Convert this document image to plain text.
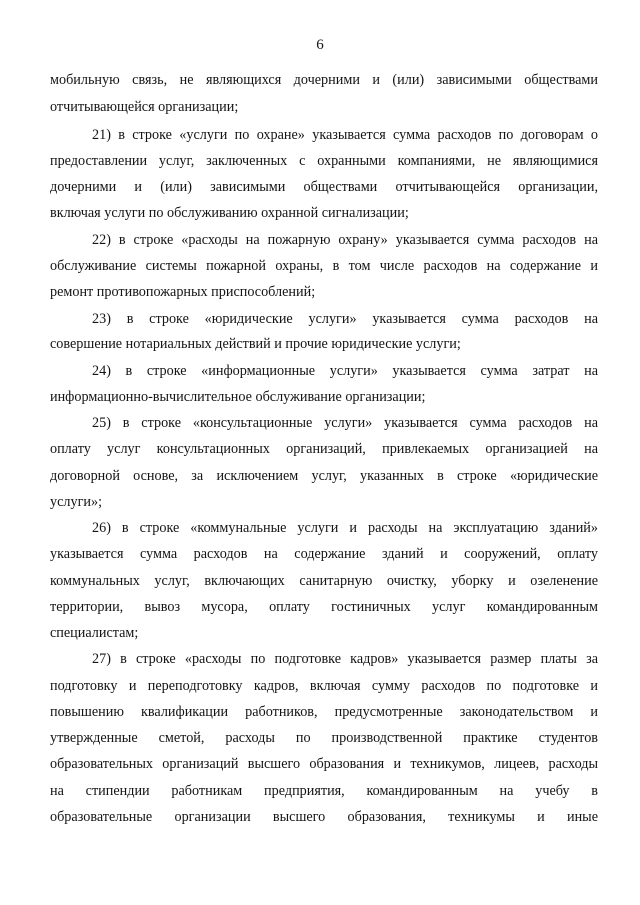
6
мобильную связь, не являющихся дочерними и (или) зависимыми обществами
отчитывающейся организации;
21) в строке «услуги по охране» указывается сумма расходов по договорам о
предоставлении услуг, заключенных с охранными компаниями, не являющимися
дочерними и (или) зависимыми обществами отчитывающейся организации,
включая услуги по обслуживанию охранной сигнализации;
22) в строке «расходы на пожарную охрану» указывается сумма расходов на
обслуживание системы пожарной охраны, в том числе расходов на содержание и
ремонт противопожарных приспособлений;
23) в строке «юридические услуги» указывается сумма расходов на
совершение нотариальных действий и прочие юридические услуги;
24) в строке «информационные услуги» указывается сумма затрат на
информационно-вычислительное обслуживание организации;
25) в строке «консультационные услуги» указывается сумма расходов на
оплату услуг консультационных организаций, привлекаемых организацией на
договорной основе, за исключением услуг, указанных в строке «юридические
услуги»;
26) в строке «коммунальные услуги и расходы на эксплуатацию зданий»
указывается сумма расходов на содержание зданий и сооружений, оплату
коммунальных услуг, включающих санитарную очистку, уборку и озеленение
территории, вывоз мусора, оплату гостиничных услуг командированным
специалистам;
27) в строке «расходы по подготовке кадров» указывается размер платы за
подготовку и переподготовку кадров, включая сумму расходов по подготовке и
повышению квалификации работников, предусмотренные законодательством и
утвержденные сметой, расходы по производственной практике студентов
образовательных организаций высшего образования и техникумов, лицеев, расходы
на стипендии работникам предприятия, командированным на учебу в
образовательные организации высшего образования, техникумы и иные
